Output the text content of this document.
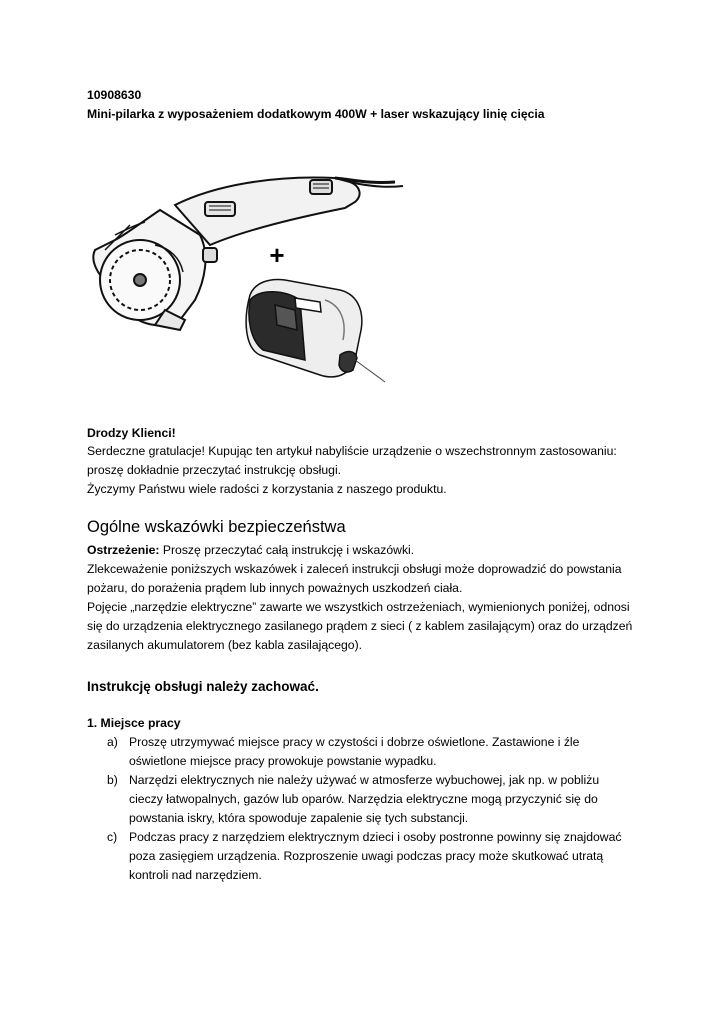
10908630
Mini-pilarka z wyposażeniem dodatkowym 400W + laser wskazujący linię cięcia
+
Drodzy Klienci!
Serdeczne gratulacje! Kupując ten artykuł nabyliście urządzenie o wszechstronnym zastosowaniu:
proszę dokładnie przeczytać instrukcję obsługi.
Życzymy Państwu wiele radości z korzystania z naszego produktu.
Ogólne wskazówki bezpieczeństwa
Ostrzeżenie: Proszę przeczytać całą instrukcję i wskazówki.
Zlekceważenie poniższych wskazówek i zaleceń instrukcji obsługi może doprowadzić do powstania
pożaru, do porażenia prądem lub innych poważnych uszkodzeń ciała.
Pojęcie „narzędzie elektryczne” zawarte we wszystkich ostrzeżeniach, wymienionych poniżej, odnosi
się do urządzenia elektrycznego zasilanego prądem z sieci ( z kablem zasilającym) oraz do urządzeń
zasilanych akumulatorem (bez kabla zasilającego).
Instrukcję obsługi należy zachować.
1. Miejsce pracy
a) Proszę utrzymywać miejsce pracy w czystości i dobrze oświetlone. Zastawione i źle
oświetlone miejsce pracy prowokuje powstanie wypadku.
b) Narzędzi elektrycznych nie należy używać w atmosferze wybuchowej, jak np. w pobliżu
cieczy łatwopalnych, gazów lub oparów. Narzędzia elektryczne mogą przyczynić się do
powstania iskry, która spowoduje zapalenie się tych substancji.
c) Podczas pracy z narzędziem elektrycznym dzieci i osoby postronne powinny się znajdować
poza zasięgiem urządzenia. Rozproszenie uwagi podczas pracy może skutkować utratą
kontroli nad narzędziem.
